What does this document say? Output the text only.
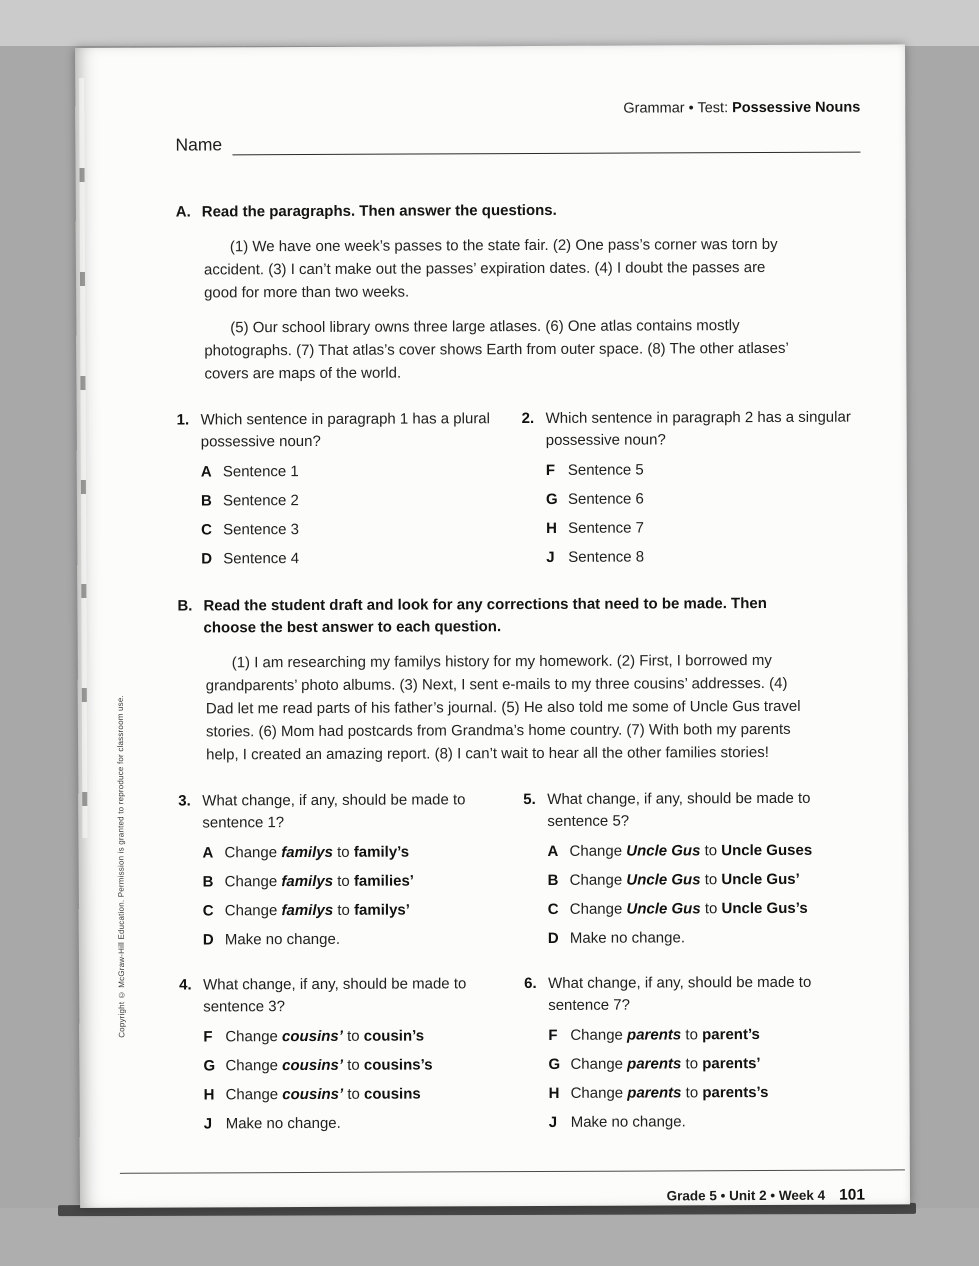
Copyright © McGraw-Hill Education. Permission is granted to reproduce for classroom use.
Grammar • Test: Possessive Nouns
Name
A. Read the paragraphs. Then answer the questions.
(1) We have one week’s passes to the state fair. (2) One pass’s corner was torn by accident. (3) I can’t make out the passes’ expiration dates. (4) I doubt the passes are good for more than two weeks.
(5) Our school library owns three large atlases. (6) One atlas contains mostly photographs. (7) That atlas’s cover shows Earth from outer space. (8) The other atlases’ covers are maps of the world.
1. Which sentence in paragraph 1 has a plural possessive noun?
A Sentence 1
B Sentence 2
C Sentence 3
D Sentence 4
2. Which sentence in paragraph 2 has a singular possessive noun?
F Sentence 5
G Sentence 6
H Sentence 7
J Sentence 8
B. Read the student draft and look for any corrections that need to be made. Then choose the best answer to each question.
(1) I am researching my familys history for my homework. (2) First, I borrowed my grandparents’ photo albums. (3) Next, I sent e-mails to my three cousins’ addresses. (4) Dad let me read parts of his father’s journal. (5) He also told me some of Uncle Gus travel stories. (6) Mom had postcards from Grandma’s home country. (7) With both my parents help, I created an amazing report. (8) I can’t wait to hear all the other families stories!
3. What change, if any, should be made to sentence 1?
A Change familys to family’s
B Change familys to families’
C Change familys to familys’
D Make no change.
5. What change, if any, should be made to sentence 5?
A Change Uncle Gus to Uncle Guses
B Change Uncle Gus to Uncle Gus’
C Change Uncle Gus to Uncle Gus’s
D Make no change.
4. What change, if any, should be made to sentence 3?
F Change cousins’ to cousin’s
G Change cousins’ to cousins’s
H Change cousins’ to cousins
J Make no change.
6. What change, if any, should be made to sentence 7?
F Change parents to parent’s
G Change parents to parents’
H Change parents to parents’s
J Make no change.
Grade 5 • Unit 2 • Week 4 101
